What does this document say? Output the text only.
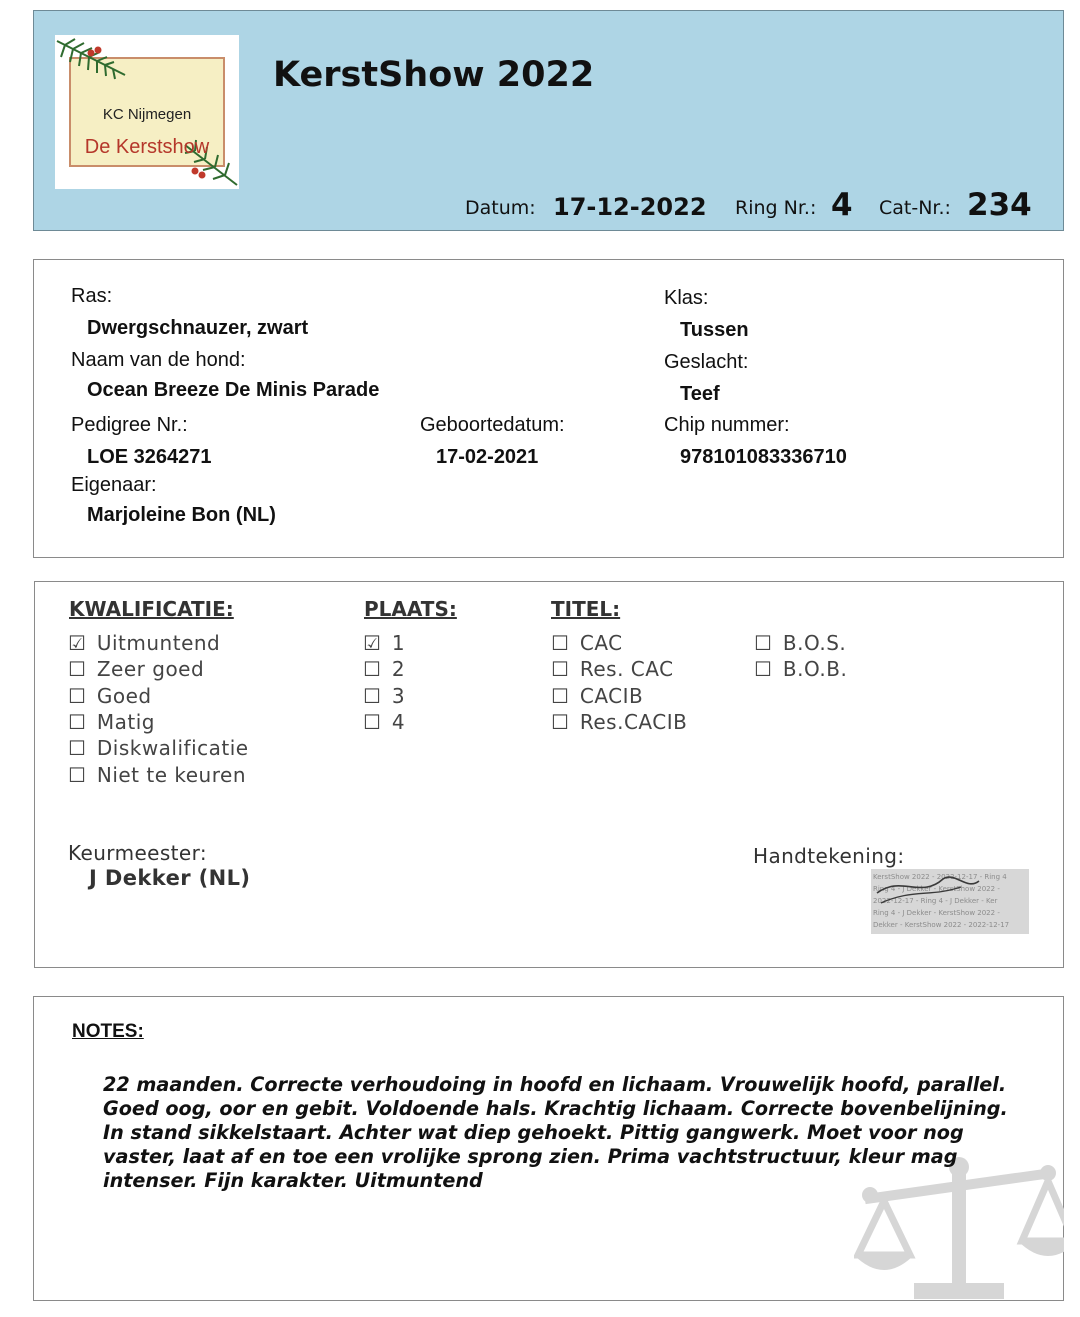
KC Nijmegen
De Kerstshow
KerstShow 2022
Datum: 17-12-2022 Ring Nr.: 4 Cat-Nr.: 234
Ras:
Dwergschnauzer, zwart
Naam van de hond:
Ocean Breeze De Minis Parade
Pedigree Nr.:
LOE 3264271
Geboortedatum:
17-02-2021
Eigenaar:
Marjoleine Bon (NL)
Klas:
Tussen
Geslacht:
Teef
Chip nummer:
978101083336710
KWALIFICATIE:	PLAATS:	TITEL:
☑ Uitmuntend
☐ Zeer goed
☐ Goed
☐ Matig
☐ Diskwalificatie
☐ Niet te keuren
☑ 1
☐ 2
☐ 3
☐ 4
☐ CAC
☐ Res. CAC
☐ CACIB
☐ Res.CACIB
☐ B.O.S.
☐ B.O.B.
Keurmeester:
J Dekker (NL)
Handtekening:
KerstShow 2022 - 2022-12-17 - Ring 4
Ring 4 - J Dekker - KerstShow 2022 -
2022-12-17 - Ring 4 - J Dekker - Ker
Ring 4 - J Dekker - KerstShow 2022 -
Dekker - KerstShow 2022 - 2022-12-17
NOTES:
22 maanden. Correcte verhoudoing in hoofd en lichaam. Vrouwelijk hoofd, parallel. Goed oog, oor en gebit. Voldoende hals. Krachtig lichaam. Correcte bovenbelijning. In stand sikkelstaart. Achter wat diep gehoekt. Pittig gangwerk. Moet voor nog vaster, laat af en toe een vrolijke sprong zien. Prima vachtstructuur, kleur mag intenser. Fijn karakter. Uitmuntend
